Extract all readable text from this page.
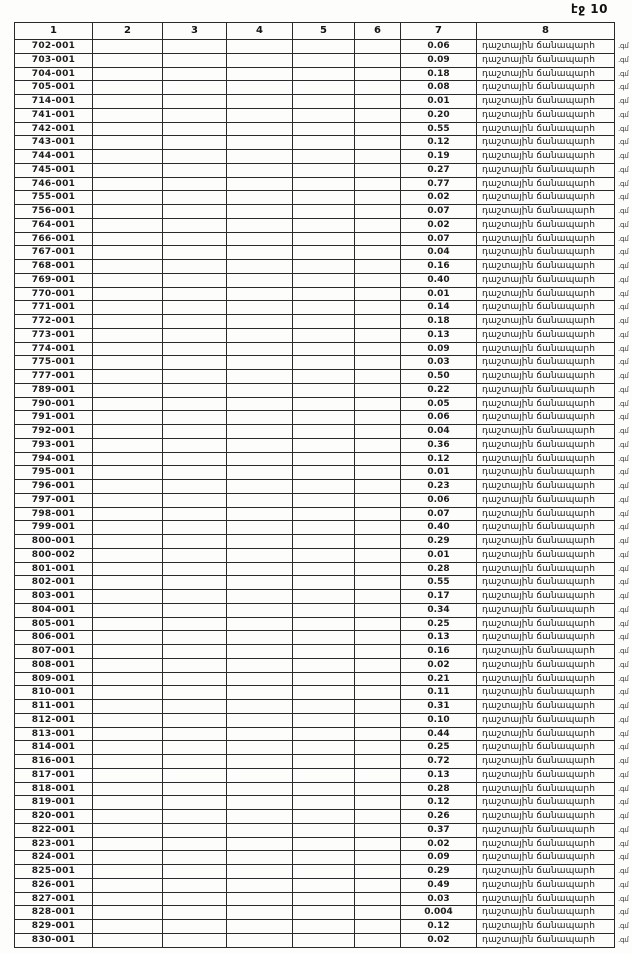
էջ 10
1	2	3	4	5	6	7	8	
702-001						0.06	դաշտային ճանապարհ	.գմ
703-001						0.09	դաշտային ճանապարհ	.գմ
704-001						0.18	դաշտային ճանապարհ	.գմ
705-001						0.08	դաշտային ճանապարհ	.գմ
714-001						0.01	դաշտային ճանապարհ	.գմ
741-001						0.20	դաշտային ճանապարհ	.գմ
742-001						0.55	դաշտային ճանապարհ	.գմ
743-001						0.12	դաշտային ճանապարհ	.գմ
744-001						0.19	դաշտային ճանապարհ	.գմ
745-001						0.27	դաշտային ճանապարհ	.գմ
746-001						0.77	դաշտային ճանապարհ	.գմ
755-001						0.02	դաշտային ճանապարհ	.գմ
756-001						0.07	դաշտային ճանապարհ	.գմ
764-001						0.02	դաշտային ճանապարհ	.գմ
766-001						0.07	դաշտային ճանապարհ	.գմ
767-001						0.04	դաշտային ճանապարհ	.գմ
768-001						0.16	դաշտային ճանապարհ	.գմ
769-001						0.40	դաշտային ճանապարհ	.գմ
770-001						0.01	դաշտային ճանապարհ	.գմ
771-001						0.14	դաշտային ճանապարհ	.գմ
772-001						0.18	դաշտային ճանապարհ	.գմ
773-001						0.13	դաշտային ճանապարհ	.գմ
774-001						0.09	դաշտային ճանապարհ	.գմ
775-001						0.03	դաշտային ճանապարհ	.գմ
777-001						0.50	դաշտային ճանապարհ	.գմ
789-001						0.22	դաշտային ճանապարհ	.գմ
790-001						0.05	դաշտային ճանապարհ	.գմ
791-001						0.06	դաշտային ճանապարհ	.գմ
792-001						0.04	դաշտային ճանապարհ	.գմ
793-001						0.36	դաշտային ճանապարհ	.գմ
794-001						0.12	դաշտային ճանապարհ	.գմ
795-001						0.01	դաշտային ճանապարհ	.գմ
796-001						0.23	դաշտային ճանապարհ	.գմ
797-001						0.06	դաշտային ճանապարհ	.գմ
798-001						0.07	դաշտային ճանապարհ	.գմ
799-001						0.40	դաշտային ճանապարհ	.գմ
800-001						0.29	դաշտային ճանապարհ	.գմ
800-002						0.01	դաշտային ճանապարհ	.գմ
801-001						0.28	դաշտային ճանապարհ	.գմ
802-001						0.55	դաշտային ճանապարհ	.գմ
803-001						0.17	դաշտային ճանապարհ	.գմ
804-001						0.34	դաշտային ճանապարհ	.գմ
805-001						0.25	դաշտային ճանապարհ	.գմ
806-001						0.13	դաշտային ճանապարհ	.գմ
807-001						0.16	դաշտային ճանապարհ	.գմ
808-001						0.02	դաշտային ճանապարհ	.գմ
809-001						0.21	դաշտային ճանապարհ	.գմ
810-001						0.11	դաշտային ճանապարհ	.գմ
811-001						0.31	դաշտային ճանապարհ	.գմ
812-001						0.10	դաշտային ճանապարհ	.գմ
813-001						0.44	դաշտային ճանապարհ	.գմ
814-001						0.25	դաշտային ճանապարհ	.գմ
816-001						0.72	դաշտային ճանապարհ	.գմ
817-001						0.13	դաշտային ճանապարհ	.գմ
818-001						0.28	դաշտային ճանապարհ	.գմ
819-001						0.12	դաշտային ճանապարհ	.գմ
820-001						0.26	դաշտային ճանապարհ	.գմ
822-001						0.37	դաշտային ճանապարհ	.գմ
823-001						0.02	դաշտային ճանապարհ	.գմ
824-001						0.09	դաշտային ճանապարհ	.գմ
825-001						0.29	դաշտային ճանապարհ	.գմ
826-001						0.49	դաշտային ճանապարհ	.գմ
827-001						0.03	դաշտային ճանապարհ	.գմ
828-001						0.004	դաշտային ճանապարհ	.գմ
829-001						0.12	դաշտային ճանապարհ	.գմ
830-001						0.02	դաշտային ճանապարհ	.գմ
